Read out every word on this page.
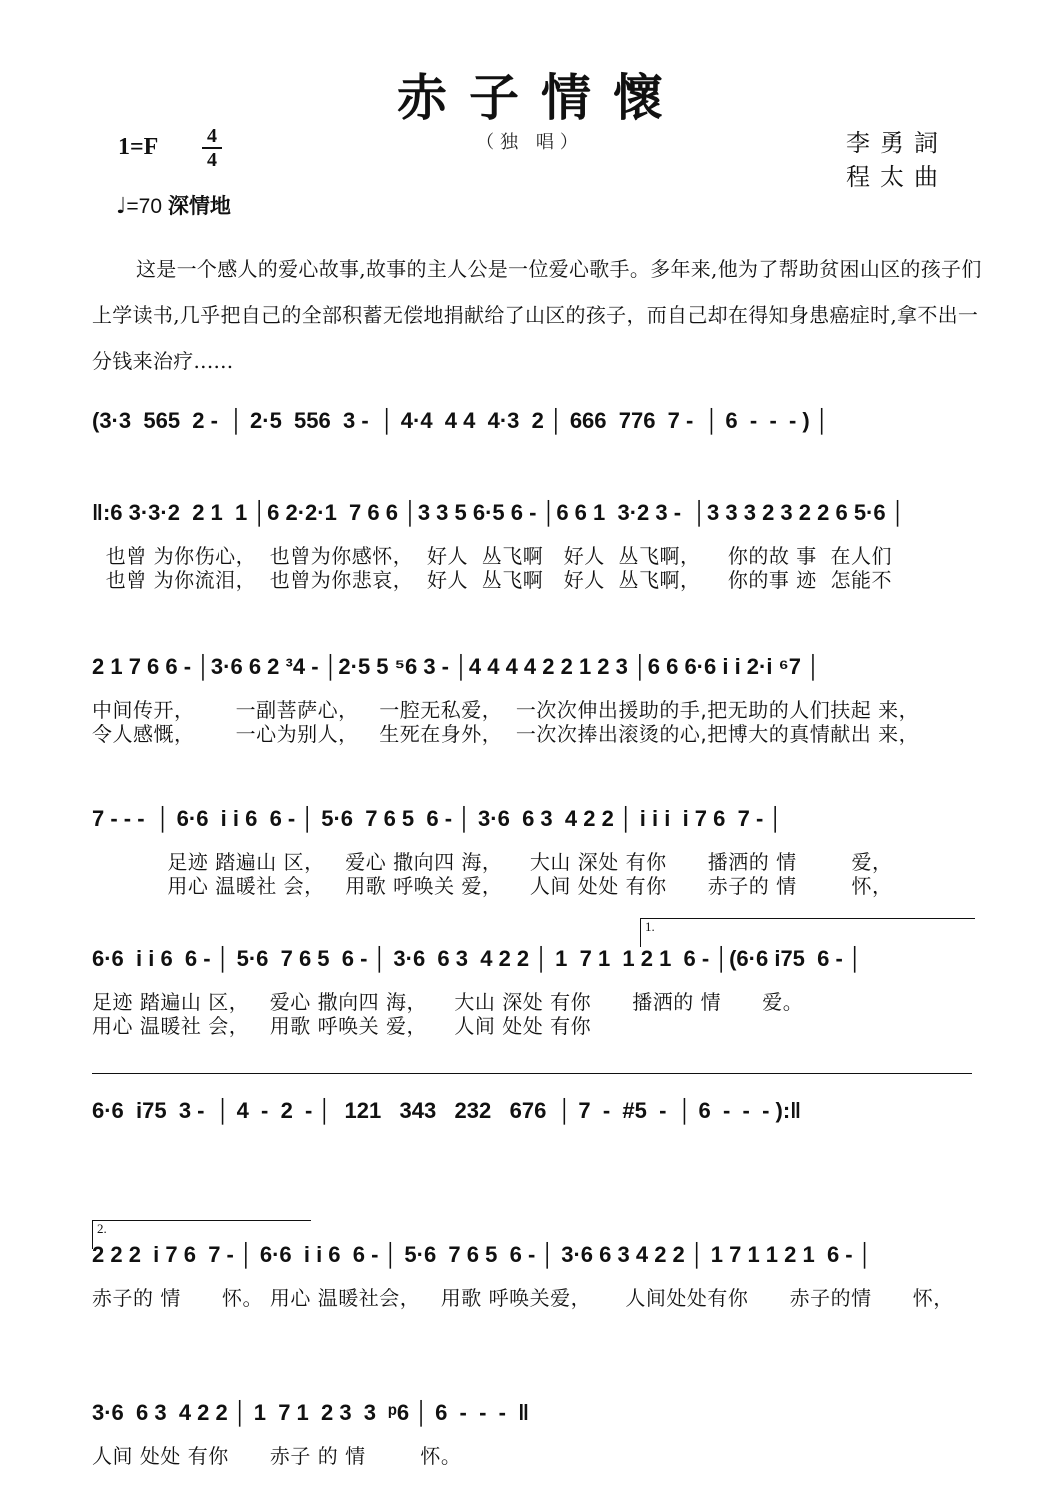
赤子情懷
（独 唱）
1=F 4
4
李勇詞
程太曲
♩=70 深情地
这是一个感人的爱心故事,故事的主人公是一位爱心歌手。多年来,他为了帮助贫困山区的孩子们上学读书,几乎把自己的全部积蓄无偿地捐献给了山区的孩子，而自己却在得知身患癌症时,拿不出一分钱来治疗......
(3·3  565  2 -  │ 2·5  556  3 -  │ 4·4  4 4  4·3  2 │ 666  776  7 -  │ 6  -  -  - ) │
‖:6 3·3·2  2 1  1 │6 2·2·1  7 6 6 │3 3 5 6·5 6 - │6 6 1  3·2 3 -  │3 3 3 2 3 2 2 6 5·6 │
也曾 为你伤心，  也曾为你感怀，  好人  丛飞啊   好人  丛飞啊，    你的故 事  在人们
也曾 为你流泪，  也曾为你悲哀，  好人  丛飞啊   好人  丛飞啊，    你的事 迹  怎能不
2 1 7 6 6 - │3·6 6 2 ³4 - │2·5 5 ⁵6 3 - │4 4 4 4 2 2 1 2 3 │6 6 6·6 i i 2·i ⁶7 │
中间传开，      一副菩萨心，   一腔无私爱，  一次次伸出援助的手,把无助的人们扶起 来，
令人感慨，      一心为别人，   生死在身外，  一次次捧出滚烫的心,把博大的真情献出 来，
7 - - -  │ 6·6  i i 6  6 - │ 5·6  7 6 5  6 - │ 3·6  6 3  4 2 2 │ i i i  i 7 6  7 - │
足迹 踏遍山 区，   爱心 撒向四 海，    大山 深处 有你      播洒的 情        爱，
用心 温暖社 会，   用歌 呼唤关 爱，    人间 处处 有你      赤子的 情        怀，
1.
6·6  i i 6  6 - │ 5·6  7 6 5  6 - │ 3·6  6 3  4 2 2 │ 1  7 1  1 2 1  6 - │(6·6 i75  6 - │
足迹 踏遍山 区，   爱心 撒向四 海，    大山 深处 有你      播洒的 情      爱。
用心 温暖社 会，   用歌 呼唤关 爱，    人间 处处 有你
6·6  i75  3 -  │ 4  -  2  - │  121   343   232   676  │ 7  -  #5  -  │ 6  -  -  - ):‖
2.
2 2 2  i 7 6  7 - │ 6·6  i i 6  6 - │ 5·6  7 6 5  6 - │ 3·6 6 3 4 2 2 │ 1 7 1 1 2 1  6 - │
赤子的 情      怀。 用心 温暖社会，   用歌 呼唤关爱，     人间处处有你      赤子的情      怀，
3·6  6 3  4 2 2 │ 1  7 1  2 3  3  ᵖ6 │ 6  -  -  -  ‖
人间 处处 有你      赤子 的 情        怀。
